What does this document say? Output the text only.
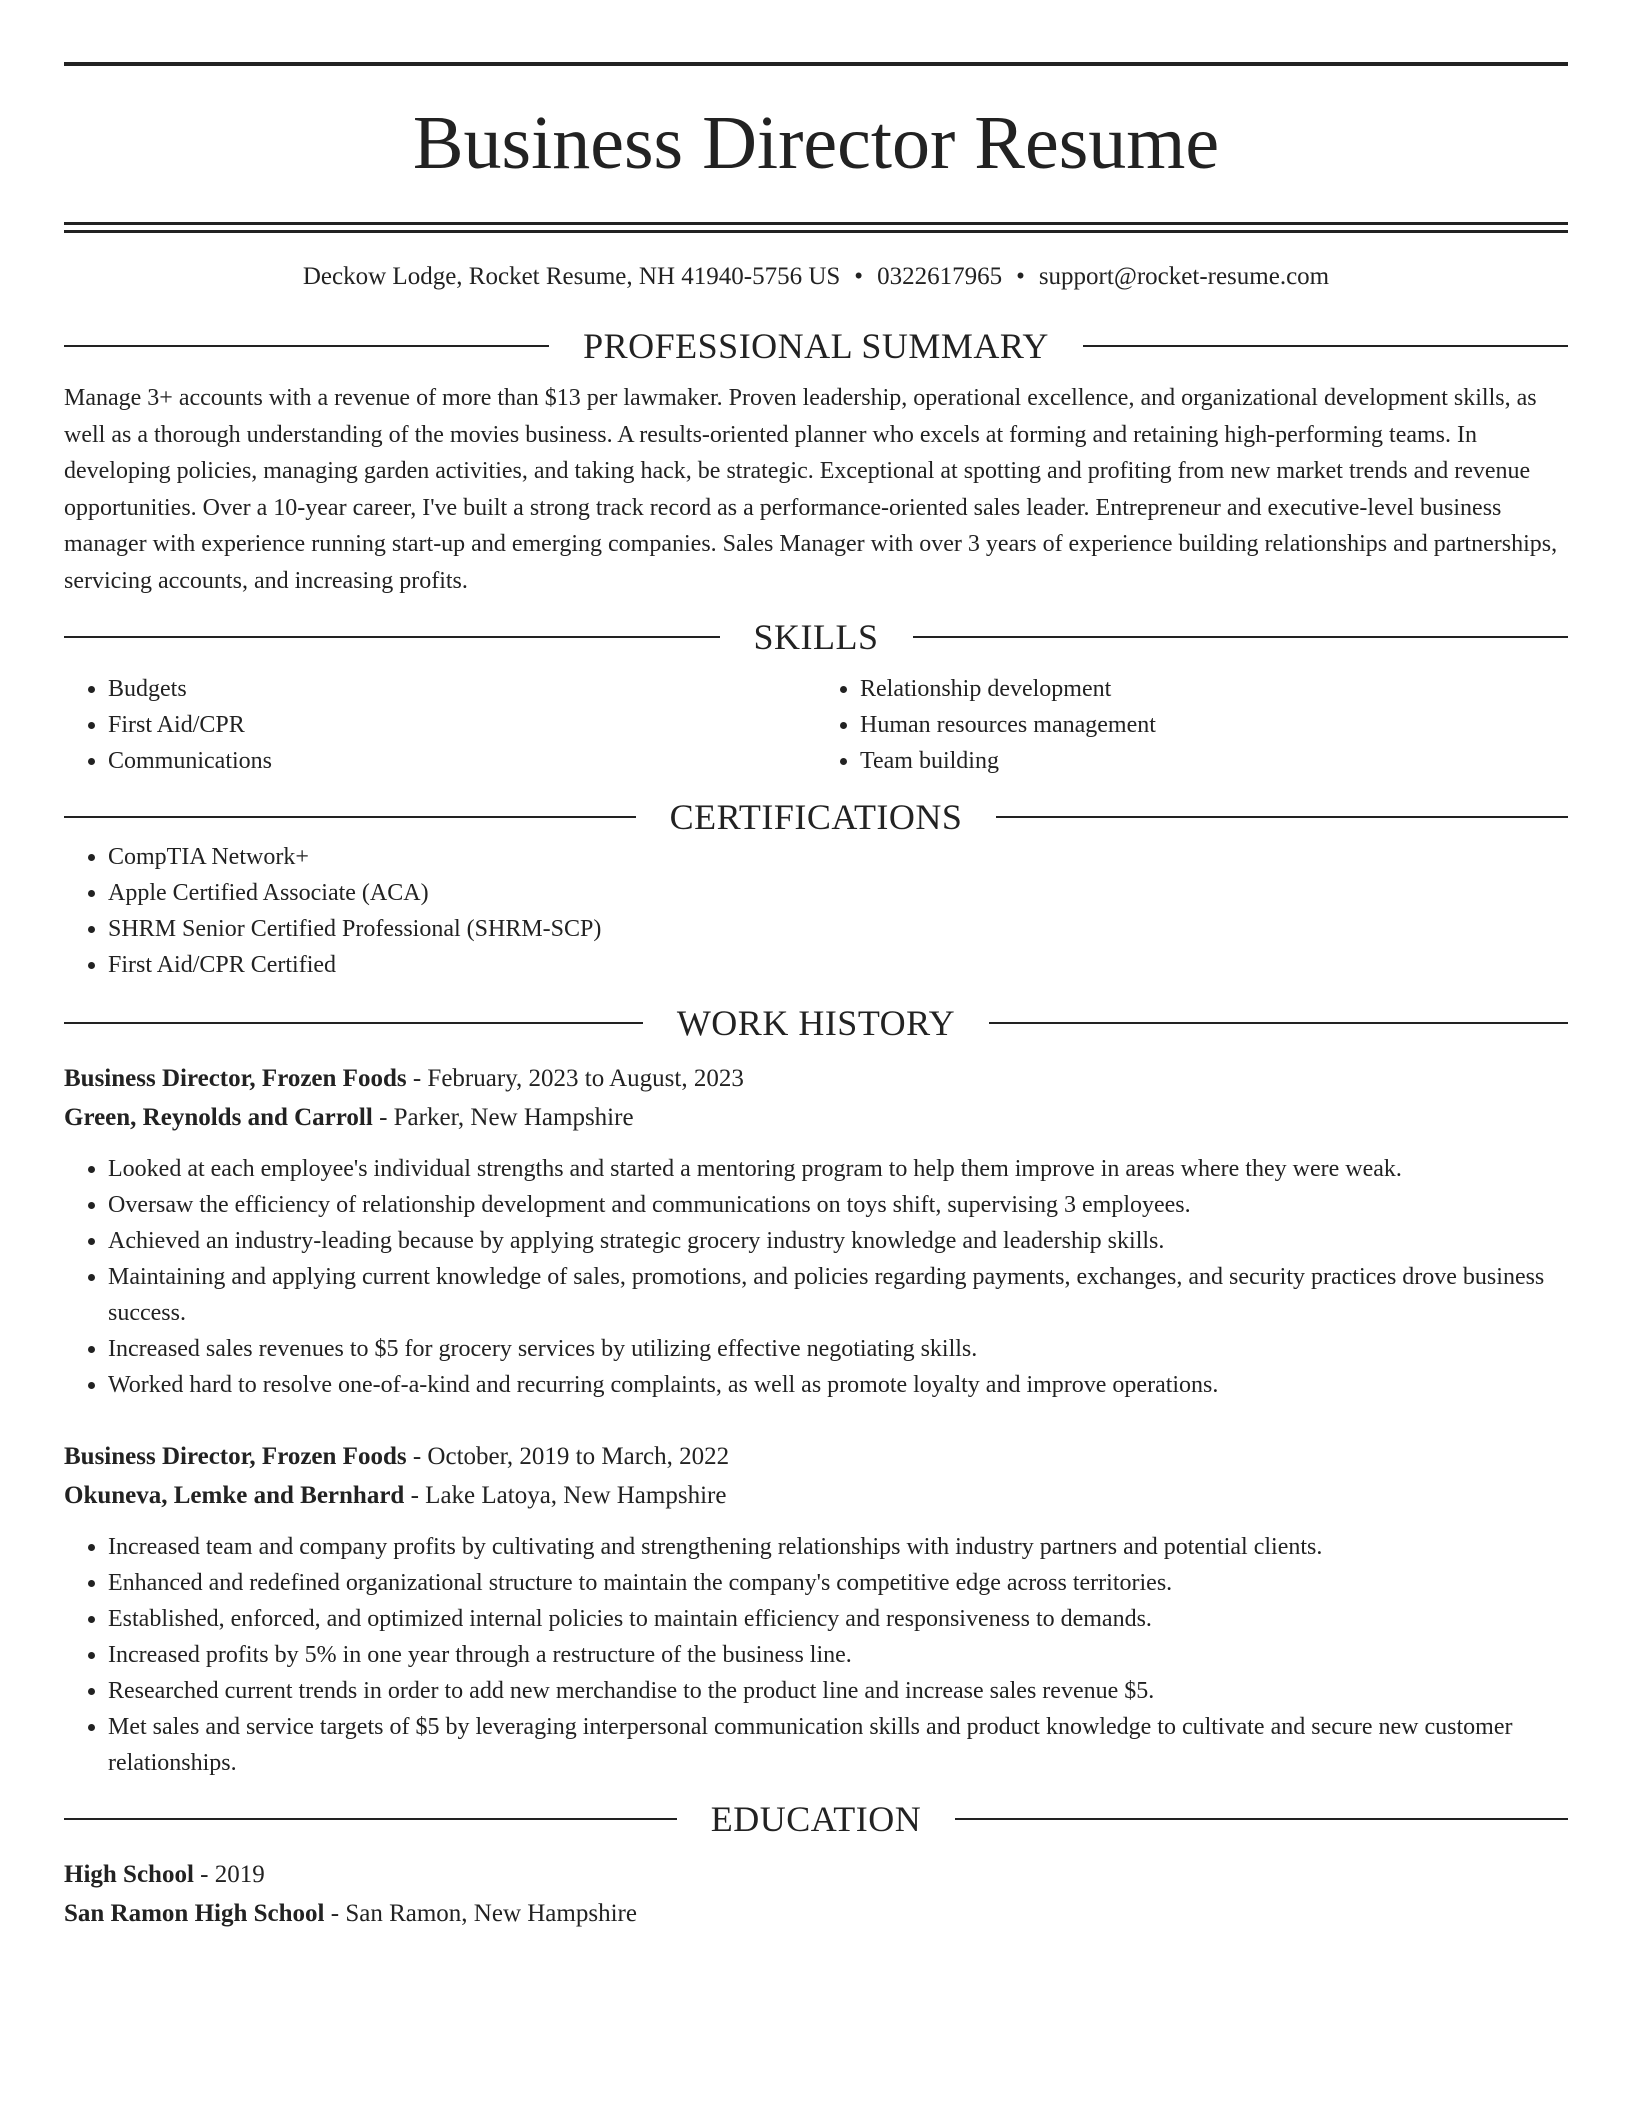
Business Director Resume
Deckow Lodge, Rocket Resume, NH 41940-5756 US • 0322617965 • support@rocket-resume.com
PROFESSIONAL SUMMARY

Manage 3+ accounts with a revenue of more than $13 per lawmaker. Proven leadership, operational excellence, and organizational development skills, as well as a thorough understanding of the movies business. A results-oriented planner who excels at forming and retaining high-performing teams. In developing policies, managing garden activities, and taking hack, be strategic. Exceptional at spotting and profiting from new market trends and revenue opportunities. Over a 10-year career, I've built a strong track record as a performance-oriented sales leader. Entrepreneur and executive-level business manager with experience running start-up and emerging companies. Sales Manager with over 3 years of experience building relationships and partnerships, servicing accounts, and increasing profits.

SKILLS
• Budgets
• First Aid/CPR
• Communications
• Relationship development
• Human resources management
• Team building
CERTIFICATIONS
• CompTIA Network+
• Apple Certified Associate (ACA)
• SHRM Senior Certified Professional (SHRM-SCP)
• First Aid/CPR Certified
WORK HISTORY
Business Director, Frozen Foods - February, 2023 to August, 2023
Green, Reynolds and Carroll - Parker, New Hampshire
• Looked at each employee's individual strengths and started a mentoring program to help them improve in areas where they were weak.
• Oversaw the efficiency of relationship development and communications on toys shift, supervising 3 employees.
• Achieved an industry-leading because by applying strategic grocery industry knowledge and leadership skills.
• Maintaining and applying current knowledge of sales, promotions, and policies regarding payments, exchanges, and security practices drove business success.
• Increased sales revenues to $5 for grocery services by utilizing effective negotiating skills.
• Worked hard to resolve one-of-a-kind and recurring complaints, as well as promote loyalty and improve operations.
Business Director, Frozen Foods - October, 2019 to March, 2022
Okuneva, Lemke and Bernhard - Lake Latoya, New Hampshire
• Increased team and company profits by cultivating and strengthening relationships with industry partners and potential clients.
• Enhanced and redefined organizational structure to maintain the company's competitive edge across territories.
• Established, enforced, and optimized internal policies to maintain efficiency and responsiveness to demands.
• Increased profits by 5% in one year through a restructure of the business line.
• Researched current trends in order to add new merchandise to the product line and increase sales revenue $5.
• Met sales and service targets of $5 by leveraging interpersonal communication skills and product knowledge to cultivate and secure new customer relationships.
EDUCATION
High School - 2019
San Ramon High School - San Ramon, New Hampshire
